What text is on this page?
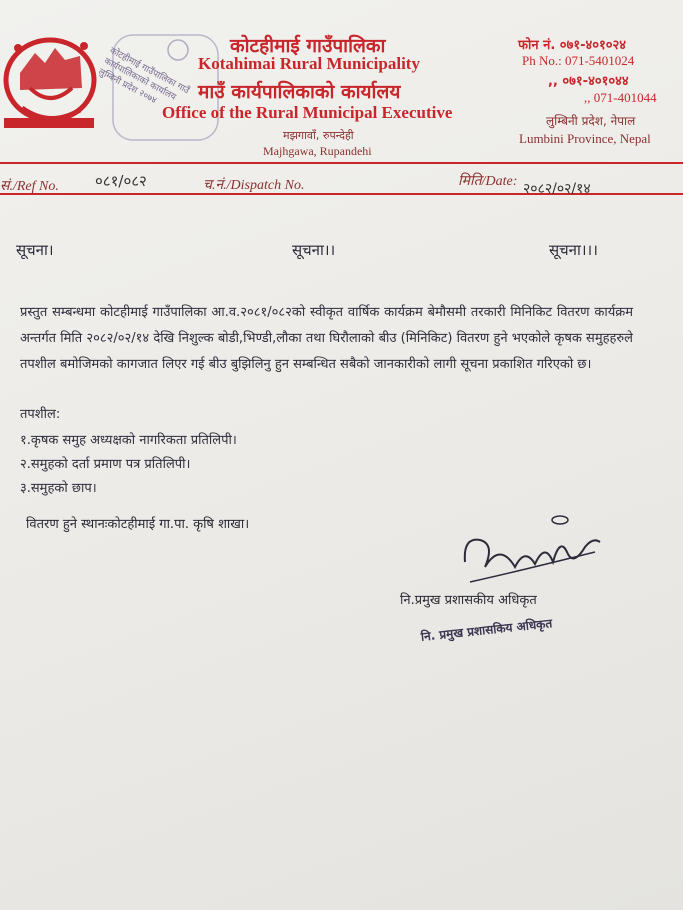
कोटहीमाई गाउँपालिका गाउँ कार्यपालिकाको कार्यालय लुम्बिनी प्रदेश २०७४
कोटहीमाई गाउँपालिका
Kotahimai Rural Municipality
माउँ कार्यपालिकाको कार्यालय
Office of the Rural Municipal Executive
मझगावाँ, रुपन्देही
Majhgawa, Rupandehi
फोन नं. ०७१-४०१०२४
Ph No.: 071-5401024
,, ०७१-४०१०४४
,, 071-401044
लुम्बिनी प्रदेश, नेपाल
Lumbini Province, Nepal
सं./Ref No. ०८१/०८२	च.नं./Dispatch No.	मिति/Date: २०८२/०२/१४
सूचना।	सूचना।।	सूचना।।।
प्रस्तुत सम्बन्धमा कोटहीमाई गाउँपालिका आ.व.२०८१/०८२को स्वीकृत वार्षिक कार्यक्रम बेमौसमी तरकारी मिनिकिट वितरण कार्यक्रम अन्तर्गत मिति २०८२/०२/१४ देखि निशुल्क बोडी,भिण्डी,लौका तथा घिरौलाको बीउ (मिनिकिट) वितरण हुने भएकोले कृषक समुहहरुले तपशील बमोजिमको कागजात लिएर गई बीउ बुझिलिनु हुन सम्बन्धित सबैको जानकारीको लागी सूचना प्रकाशित गरिएको छ।
तपशील:
१.कृषक समुह अध्यक्षको नागरिकता प्रतिलिपी।
२.समुहको दर्ता प्रमाण पत्र प्रतिलिपी।
३.समुहको छाप।
वितरण हुने स्थानःकोटहीमाई गा.पा. कृषि शाखा।
नि.प्रमुख प्रशासकीय अधिकृत
नि. प्रमुख प्रशासकिय अधिकृत
